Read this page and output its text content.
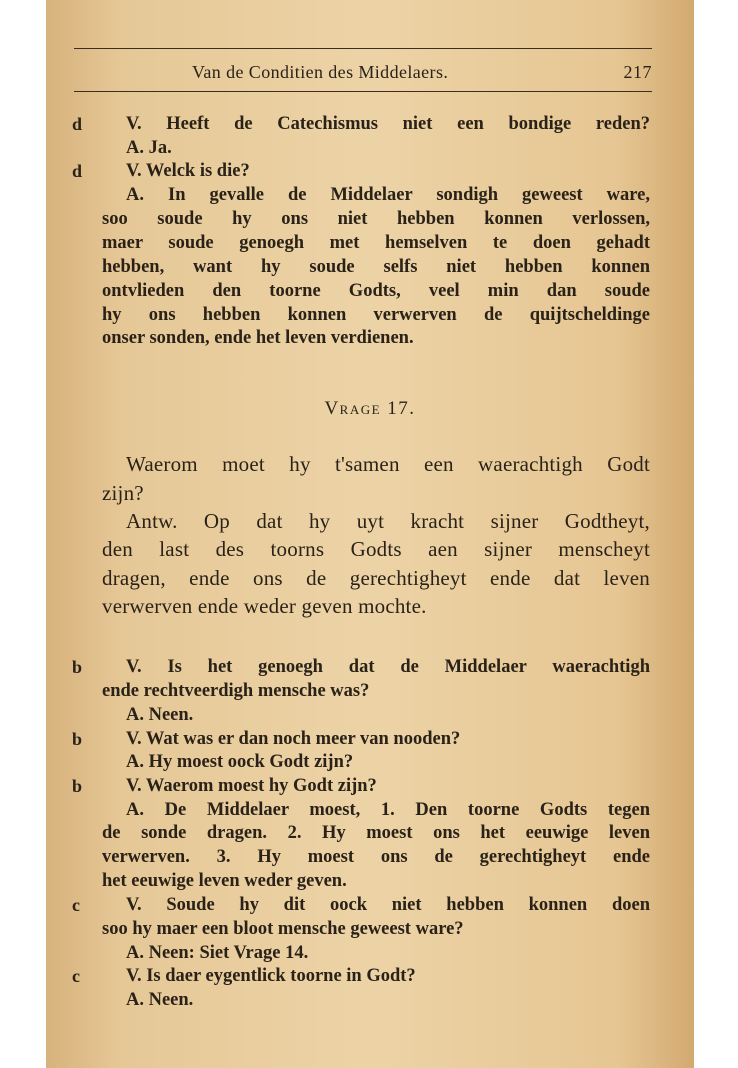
Van de Conditien des Middelaers.	217
d
d
V. Heeft de Catechismus niet een bondige reden?
A. Ja.
V. Welck is die?
A. In gevalle de Middelaer sondigh geweest ware,
soo soude hy ons niet hebben konnen verlossen,
maer soude genoegh met hemselven te doen gehadt
hebben, want hy soude selfs niet hebben konnen
ontvlieden den toorne Godts, veel min dan soude
hy ons hebben konnen verwerven de quijtscheldinge
onser sonden, ende het leven verdienen.
Vrage 17.
Waerom moet hy t'samen een waerachtigh Godt
zijn?
Antw. Op dat hy uyt kracht sijner Godtheyt,
den last des toorns Godts aen sijner menscheyt
dragen, ende ons de gerechtigheyt ende dat leven
verwerven ende weder geven mochte.
b
b
b
c
c
V. Is het genoegh dat de Middelaer waerachtigh
ende rechtveerdigh mensche was?
A. Neen.
V. Wat was er dan noch meer van nooden?
A. Hy moest oock Godt zijn?
V. Waerom moest hy Godt zijn?
A. De Middelaer moest, 1. Den toorne Godts tegen
de sonde dragen. 2. Hy moest ons het eeuwige leven
verwerven. 3. Hy moest ons de gerechtigheyt ende
het eeuwige leven weder geven.
V. Soude hy dit oock niet hebben konnen doen
soo hy maer een bloot mensche geweest ware?
A. Neen: Siet Vrage 14.
V. Is daer eygentlick toorne in Godt?
A. Neen.
